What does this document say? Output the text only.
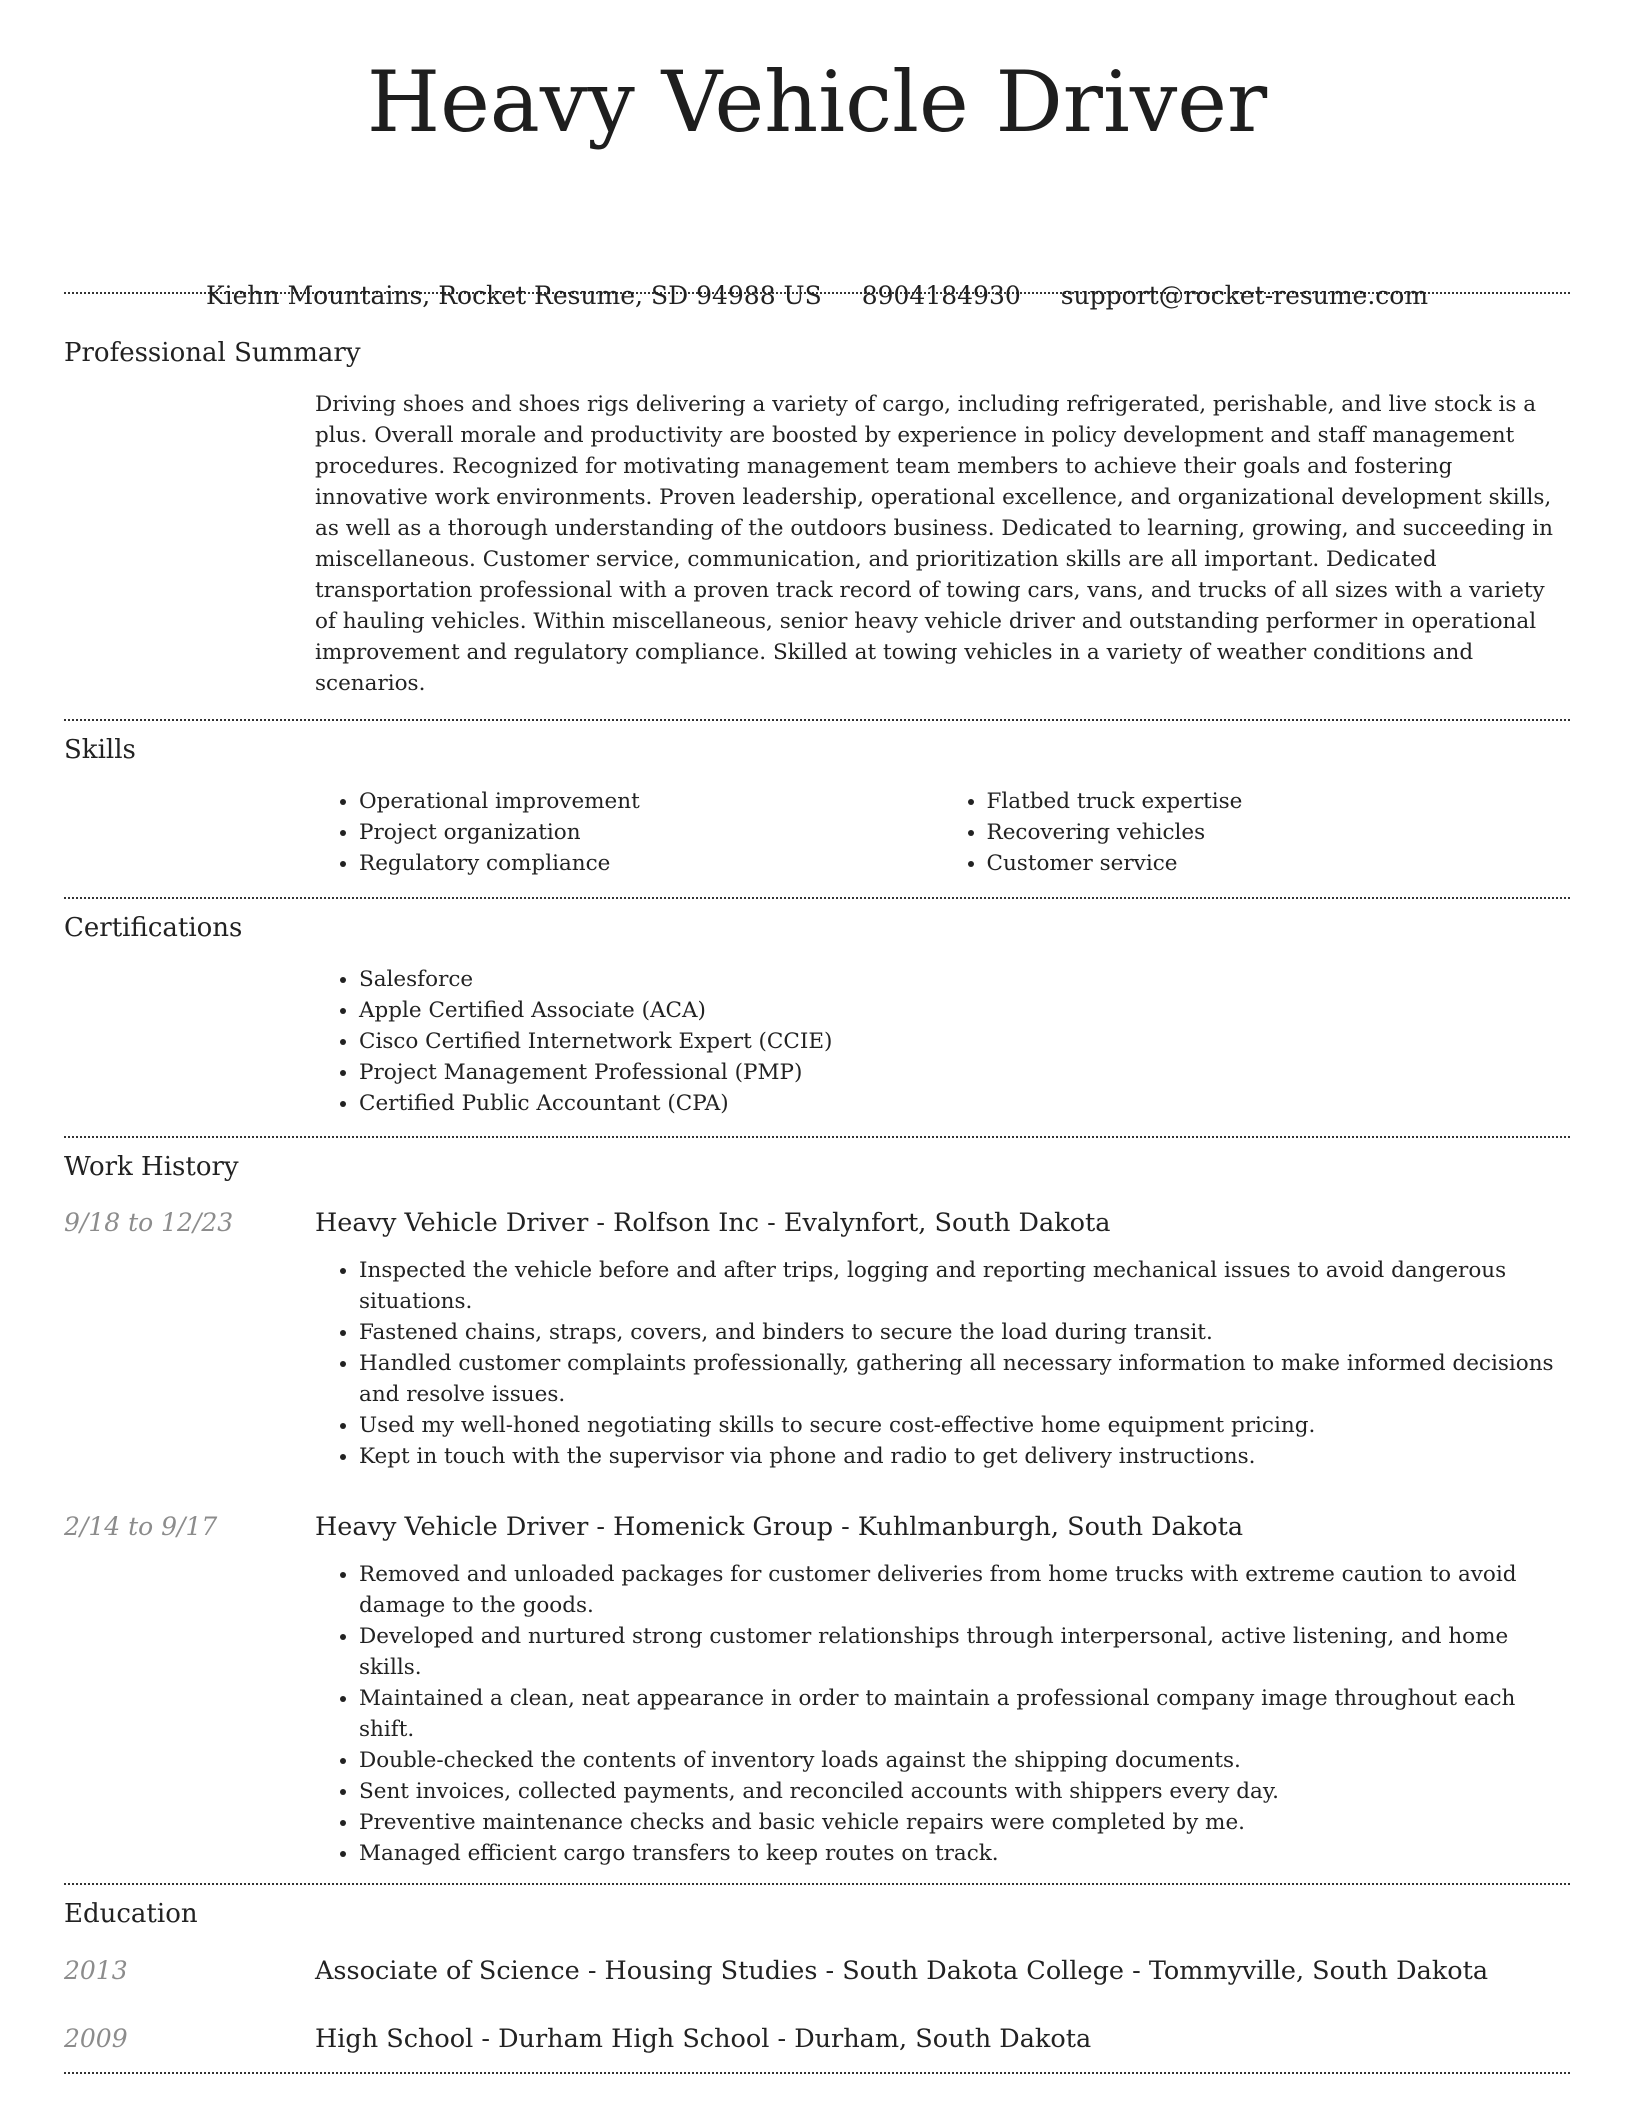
Heavy Vehicle Driver
Kiehn Mountains, Rocket Resume, SD 94988 US 8904184930 support@rocket-resume.com
Professional Summary

Driving shoes and shoes rigs delivering a variety of cargo, including refrigerated, perishable, and live stock is a plus. Overall morale and productivity are boosted by experience in policy development and staff management procedures. Recognized for motivating management team members to achieve their goals and fostering innovative work environments. Proven leadership, operational excellence, and organizational development skills, as well as a thorough understanding of the outdoors business. Dedicated to learning, growing, and succeeding in miscellaneous. Customer service, communication, and prioritization skills are all important. Dedicated transportation professional with a proven track record of towing cars, vans, and trucks of all sizes with a variety of hauling vehicles. Within miscellaneous, senior heavy vehicle driver and outstanding performer in operational improvement and regulatory compliance. Skilled at towing vehicles in a variety of weather conditions and scenarios.

Skills
• Operational improvement
• Project organization
• Regulatory compliance
• Flatbed truck expertise
• Recovering vehicles
• Customer service
Certifications
• Salesforce
• Apple Certified Associate (ACA)
• Cisco Certified Internetwork Expert (CCIE)
• Project Management Professional (PMP)
• Certified Public Accountant (CPA)
Work History
9/18 to 12/23	Heavy Vehicle Driver - Rolfson Inc - Evalynfort, South Dakota
• Inspected the vehicle before and after trips, logging and reporting mechanical issues to avoid dangerous situations.
• Fastened chains, straps, covers, and binders to secure the load during transit.
• Handled customer complaints professionally, gathering all necessary information to make informed decisions and resolve issues.
• Used my well-honed negotiating skills to secure cost-effective home equipment pricing.
• Kept in touch with the supervisor via phone and radio to get delivery instructions.
2/14 to 9/17	Heavy Vehicle Driver - Homenick Group - Kuhlmanburgh, South Dakota
• Removed and unloaded packages for customer deliveries from home trucks with extreme caution to avoid damage to the goods.
• Developed and nurtured strong customer relationships through interpersonal, active listening, and home skills.
• Maintained a clean, neat appearance in order to maintain a professional company image throughout each shift.
• Double-checked the contents of inventory loads against the shipping documents.
• Sent invoices, collected payments, and reconciled accounts with shippers every day.
• Preventive maintenance checks and basic vehicle repairs were completed by me.
• Managed efficient cargo transfers to keep routes on track.
Education
2013	Associate of Science - Housing Studies - South Dakota College - Tommyville, South Dakota
2009	High School - Durham High School - Durham, South Dakota
